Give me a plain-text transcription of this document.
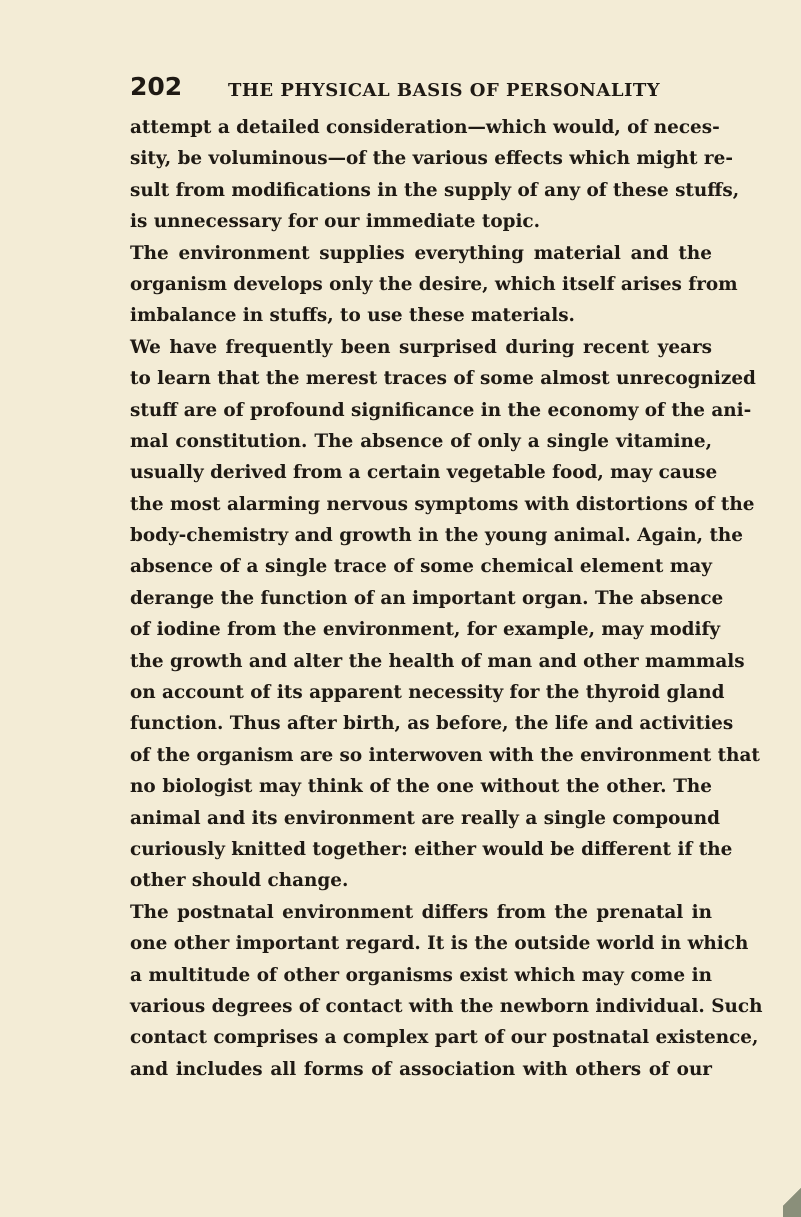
202	THE PHYSICAL BASIS OF PERSONALITY
attempt a detailed consideration—which would, of neces-
sity, be voluminous—of the various effects which might re-
sult from modifications in the supply of any of these stuffs,
is unnecessary for our immediate topic.
The environment supplies everything material and the
organism develops only the desire, which itself arises from
imbalance in stuffs, to use these materials.
We have frequently been surprised during recent years
to learn that the merest traces of some almost unrecognized
stuff are of profound significance in the economy of the ani-
mal constitution. The absence of only a single vitamine,
usually derived from a certain vegetable food, may cause
the most alarming nervous symptoms with distortions of the
body-chemistry and growth in the young animal. Again, the
absence of a single trace of some chemical element may
derange the function of an important organ. The absence
of iodine from the environment, for example, may modify
the growth and alter the health of man and other mammals
on account of its apparent necessity for the thyroid gland
function. Thus after birth, as before, the life and activities
of the organism are so interwoven with the environment that
no biologist may think of the one without the other. The
animal and its environment are really a single compound
curiously knitted together: either would be different if the
other should change.
The postnatal environment differs from the prenatal in
one other important regard. It is the outside world in which
a multitude of other organisms exist which may come in
various degrees of contact with the newborn individual. Such
contact comprises a complex part of our postnatal existence,
and includes all forms of association with others of our
